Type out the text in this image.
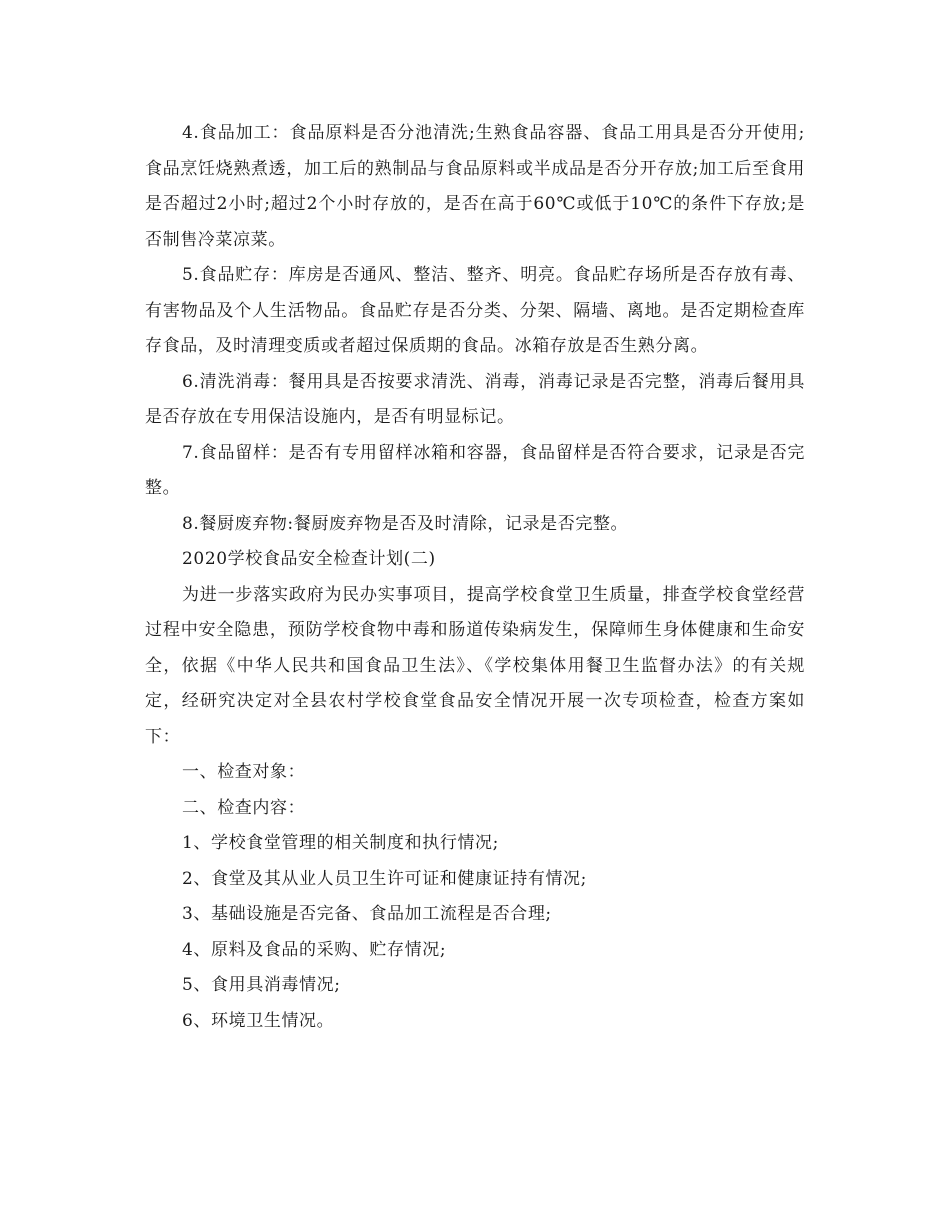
4.食品加工：食品原料是否分池清洗;生熟食品容器、食品工用具是否分开使用;食品烹饪烧熟煮透，加工后的熟制品与食品原料或半成品是否分开存放;加工后至食用是否超过2小时;超过2个小时存放的，是否在高于60℃或低于10℃的条件下存放;是否制售冷菜凉菜。

5.食品贮存：库房是否通风、整洁、整齐、明亮。食品贮存场所是否存放有毒、有害物品及个人生活物品。食品贮存是否分类、分架、隔墙、离地。是否定期检查库存食品，及时清理变质或者超过保质期的食品。冰箱存放是否生熟分离。

6.清洗消毒：餐用具是否按要求清洗、消毒，消毒记录是否完整，消毒后餐用具是否存放在专用保洁设施内，是否有明显标记。

7.食品留样：是否有专用留样冰箱和容器，食品留样是否符合要求，记录是否完整。

8.餐厨废弃物:餐厨废弃物是否及时清除，记录是否完整。

2020学校食品安全检查计划(二)

为进一步落实政府为民办实事项目，提高学校食堂卫生质量，排查学校食堂经营过程中安全隐患，预防学校食物中毒和肠道传染病发生，保障师生身体健康和生命安全，依据《中华人民共和国食品卫生法》、《学校集体用餐卫生监督办法》的有关规定，经研究决定对全县农村学校食堂食品安全情况开展一次专项检查，检查方案如下：

一、检查对象：

二、检查内容：

1、学校食堂管理的相关制度和执行情况;

2、食堂及其从业人员卫生许可证和健康证持有情况;

3、基础设施是否完备、食品加工流程是否合理;

4、原料及食品的采购、贮存情况;

5、食用具消毒情况;

6、环境卫生情况。
